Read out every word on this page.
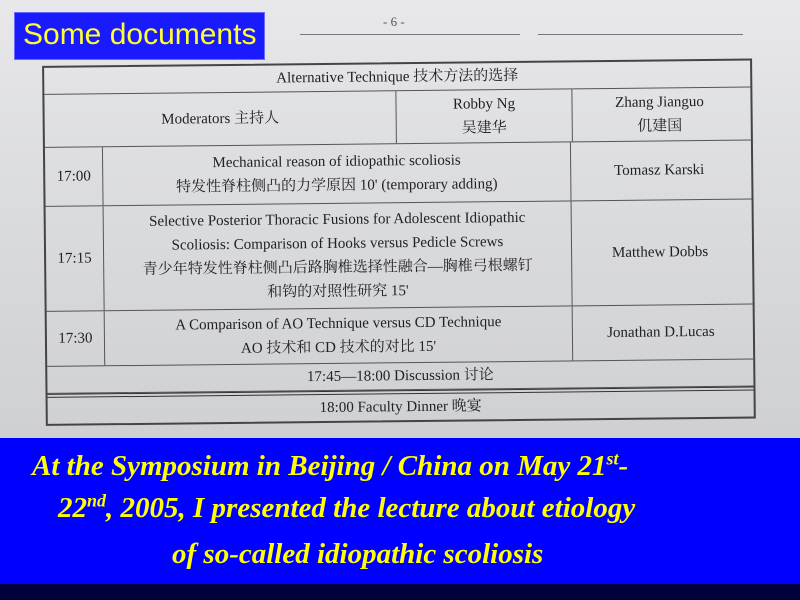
- 6 -
Alternative Technique 技术方法的选择
Moderators 主持人
Robby Ng
吴建华
Zhang Jianguo
仉建国
17:00
Mechanical reason of idiopathic scoliosis
特发性脊柱侧凸的力学原因 10' (temporary adding)
Tomasz Karski
17:15
Selective Posterior Thoracic Fusions for Adolescent Idiopathic
Scoliosis: Comparison of Hooks versus Pedicle Screws
青少年特发性脊柱侧凸后路胸椎选择性融合—胸椎弓根螺钉
和钩的对照性研究 15'
Matthew Dobbs
17:30
A Comparison of AO Technique versus CD Technique
AO 技术和 CD 技术的对比 15'
Jonathan D.Lucas
17:45—18:00 Discussion 讨论
18:00 Faculty Dinner 晚宴
Some documents
At the Symposium in Beijing / China on May 21st-
22nd, 2005, I presented the lecture about etiology
of so-called idiopathic scoliosis
